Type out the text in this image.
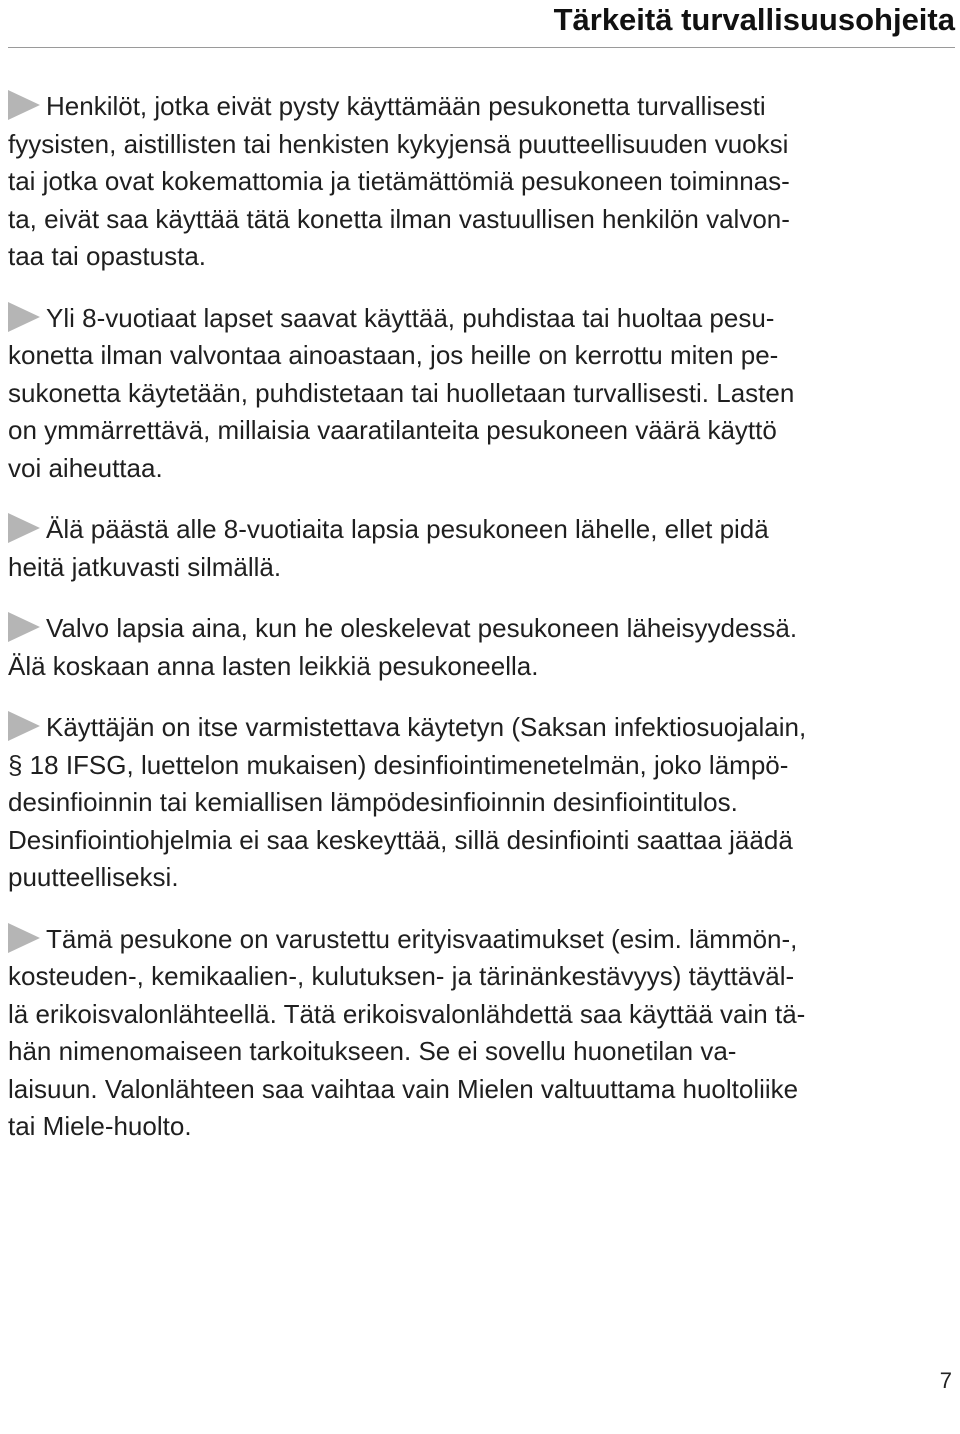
Tärkeitä turvallisuusohjeita
Henkilöt, jotka eivät pysty käyttämään pesukonetta turvallisesti
fyysisten, aistillisten tai henkisten kykyjensä puutteellisuuden vuoksi
tai jotka ovat kokemattomia ja tietämättömiä pesukoneen toiminnas-
ta, eivät saa käyttää tätä konetta ilman vastuullisen henkilön valvon-
taa tai opastusta.
Yli 8-vuotiaat lapset saavat käyttää, puhdistaa tai huoltaa pesu-
konetta ilman valvontaa ainoastaan, jos heille on kerrottu miten pe-
sukonetta käytetään, puhdistetaan tai huolletaan turvallisesti. Lasten
on ymmärrettävä, millaisia vaaratilanteita pesukoneen väärä käyttö
voi aiheuttaa.
Älä päästä alle 8-vuotiaita lapsia pesukoneen lähelle, ellet pidä
heitä jatkuvasti silmällä.
Valvo lapsia aina, kun he oleskelevat pesukoneen läheisyydessä.
Älä koskaan anna lasten leikkiä pesukoneella.
Käyttäjän on itse varmistettava käytetyn (Saksan infektiosuojalain,
§ 18 IFSG, luettelon mukaisen) desinfiointimenetelmän, joko lämpö-
desinfioinnin tai kemiallisen lämpödesinfioinnin desinfiointitulos.
Desinfiointiohjelmia ei saa keskeyttää, sillä desinfiointi saattaa jäädä
puutteelliseksi.
Tämä pesukone on varustettu erityisvaatimukset (esim. lämmön-,
kosteuden-, kemikaalien-, kulutuksen- ja tärinänkestävyys) täyttäväl-
lä erikoisvalonlähteellä. Tätä erikoisvalonlähdettä saa käyttää vain tä-
hän nimenomaiseen tarkoitukseen. Se ei sovellu huonetilan va-
laisuun. Valonlähteen saa vaihtaa vain Mielen valtuuttama huoltoliike
tai Miele-huolto.
7
